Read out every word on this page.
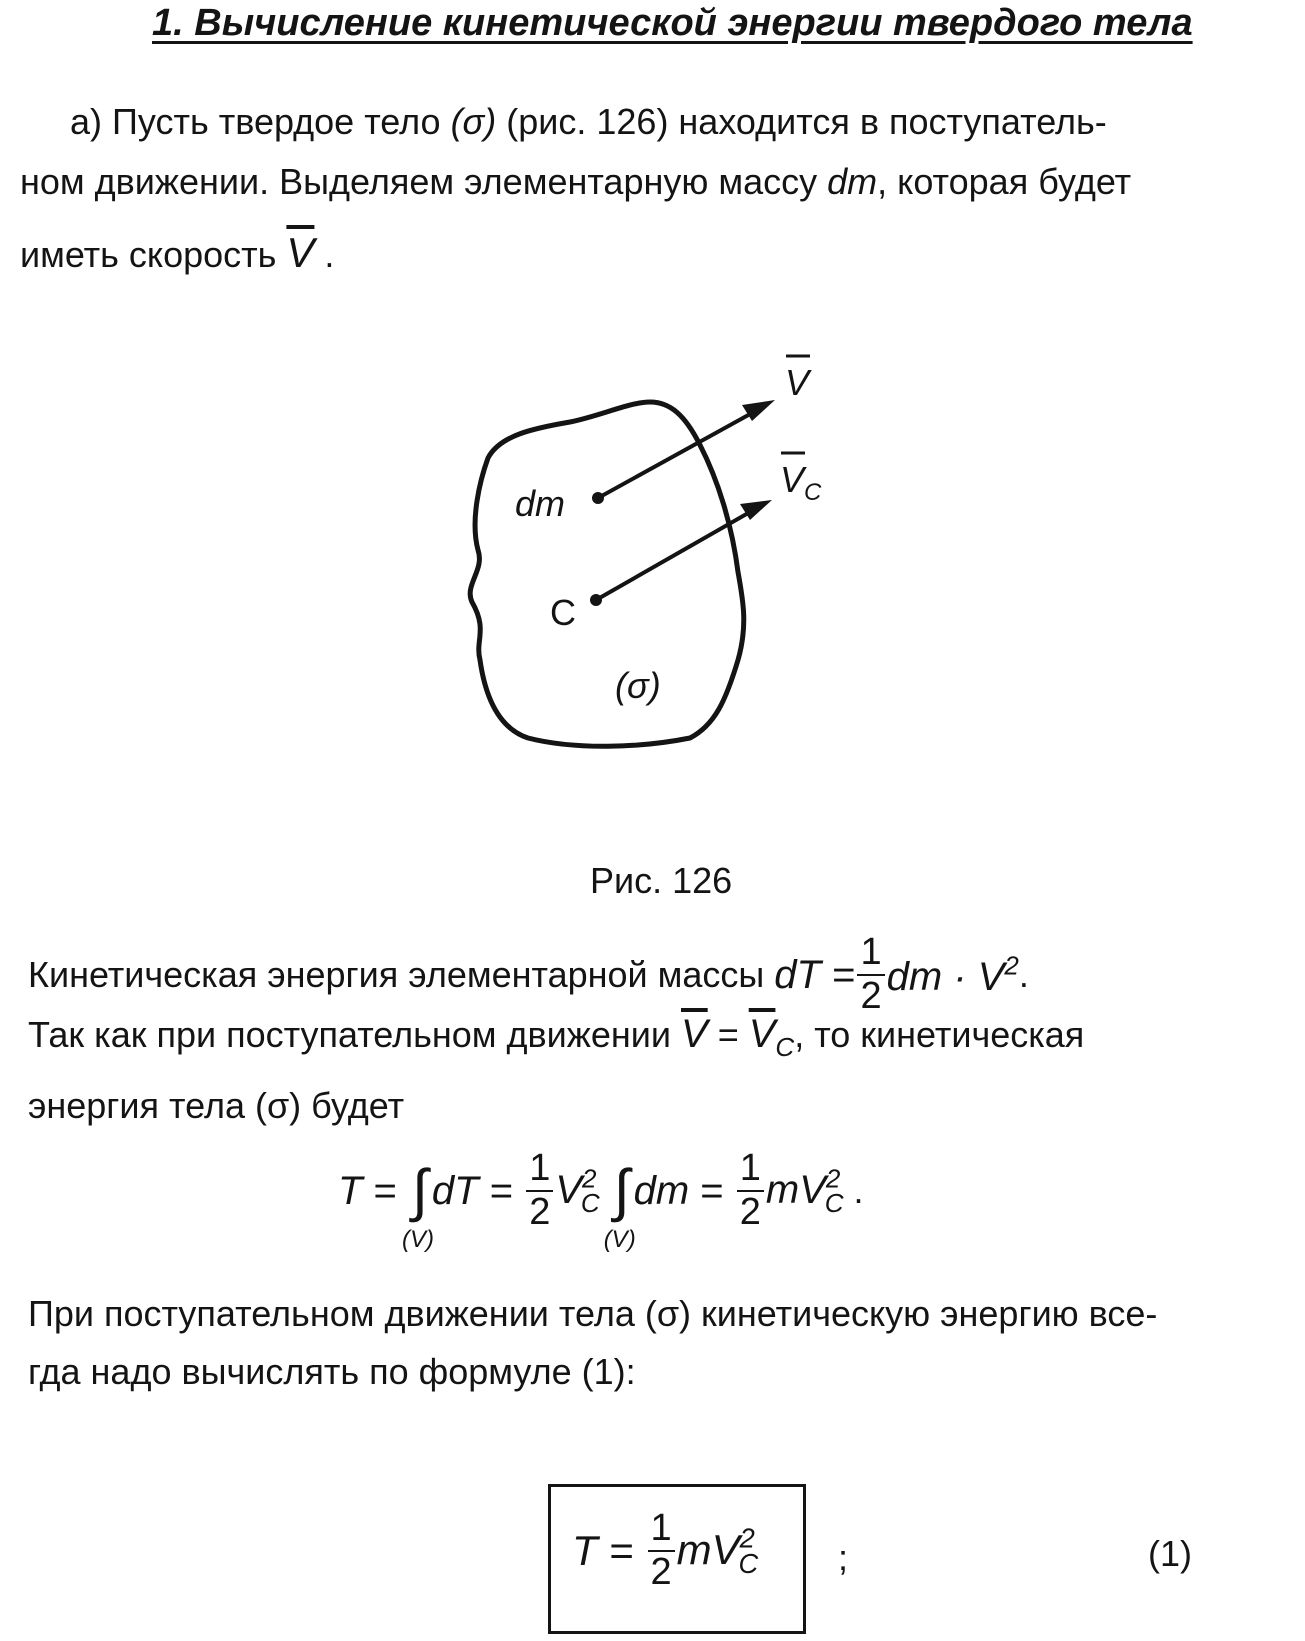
1. Вычисление кинетической энергии твердого тела
а) Пусть твердое тело (σ) (рис. 126) находится в поступатель-
ном движении. Выделяем элементарную массу dm, которая будет
иметь скорость $\overline{V}$ .
V
$V_C$
dm
C
(σ)
Рис. 126
Кинетическая энергия элементарной массы dT = $\frac{1}{2}$ dm · $V^2$.
Так как при поступательном движении $\overline{V} = \overline{V}_C$, то кинетическая
энергия тела (σ) будет
T = ∫
(V)
dT = $\frac{1}{2} V^2_C$ ∫
(V)
dm = $\frac{1}{2} mV^2_C$ .
При поступательном движении тела (σ) кинетическую энергию все-
гда надо вычислять по формуле (1):
$T = \frac{1}{2} mV^2_C$ ;	(1)
